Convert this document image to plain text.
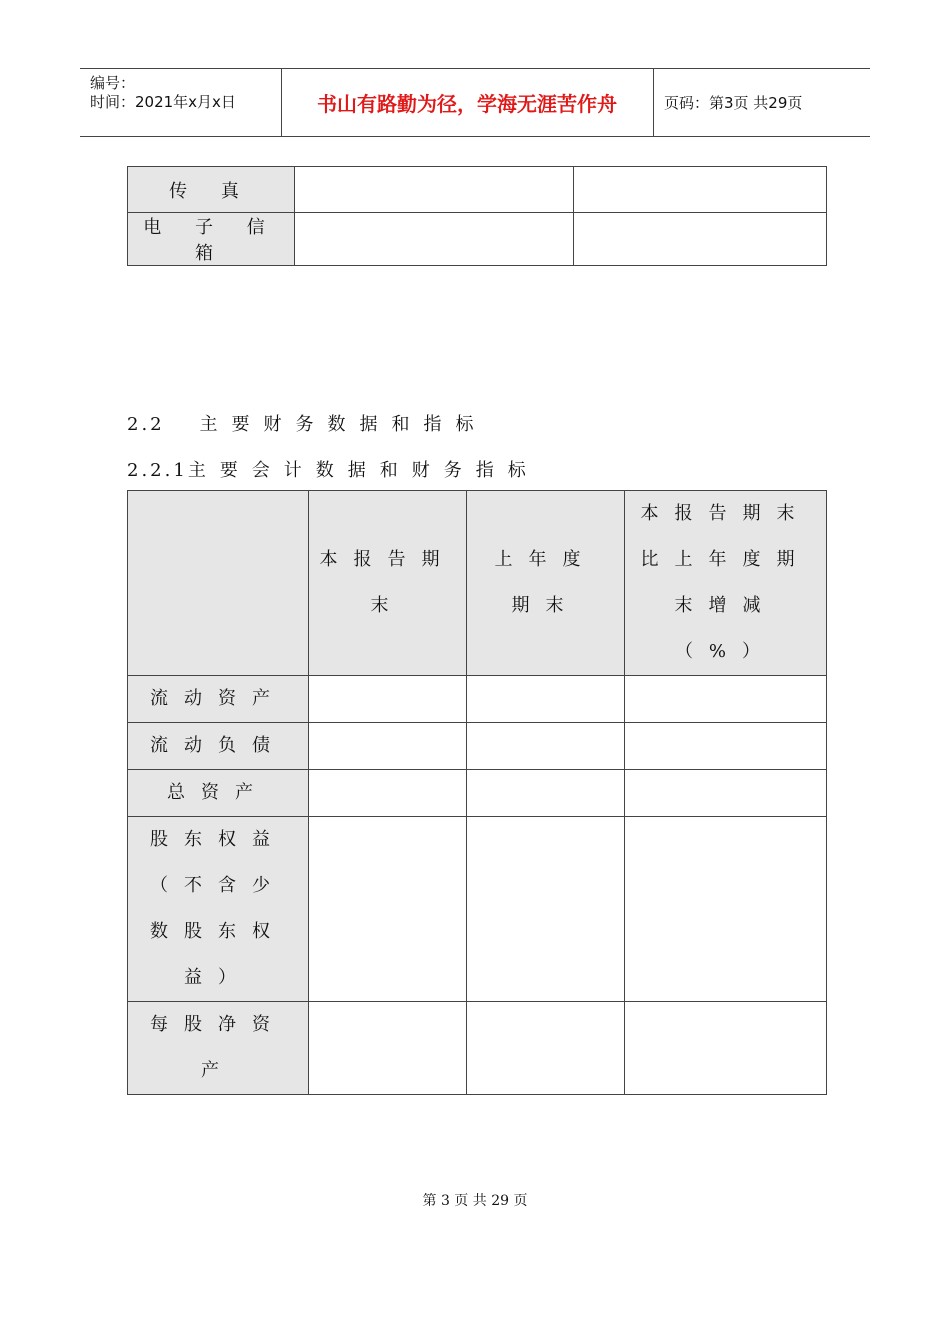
编号：
时间：2021年x月x日	书山有路勤为径，学海无涯苦作舟	页码：第3页 共29页
传 真		
电 子 信 箱		
2.2 主要财务数据和指标
2.2.1主要会计数据和财务指标

	本报告期末	上年度期末	本报告期末比上年度期末增减（%）

流动资产			

流动负债			

总资产			

股东权益（不含少数股东权益）			

每股净资产			

第 3 页 共 29 页
